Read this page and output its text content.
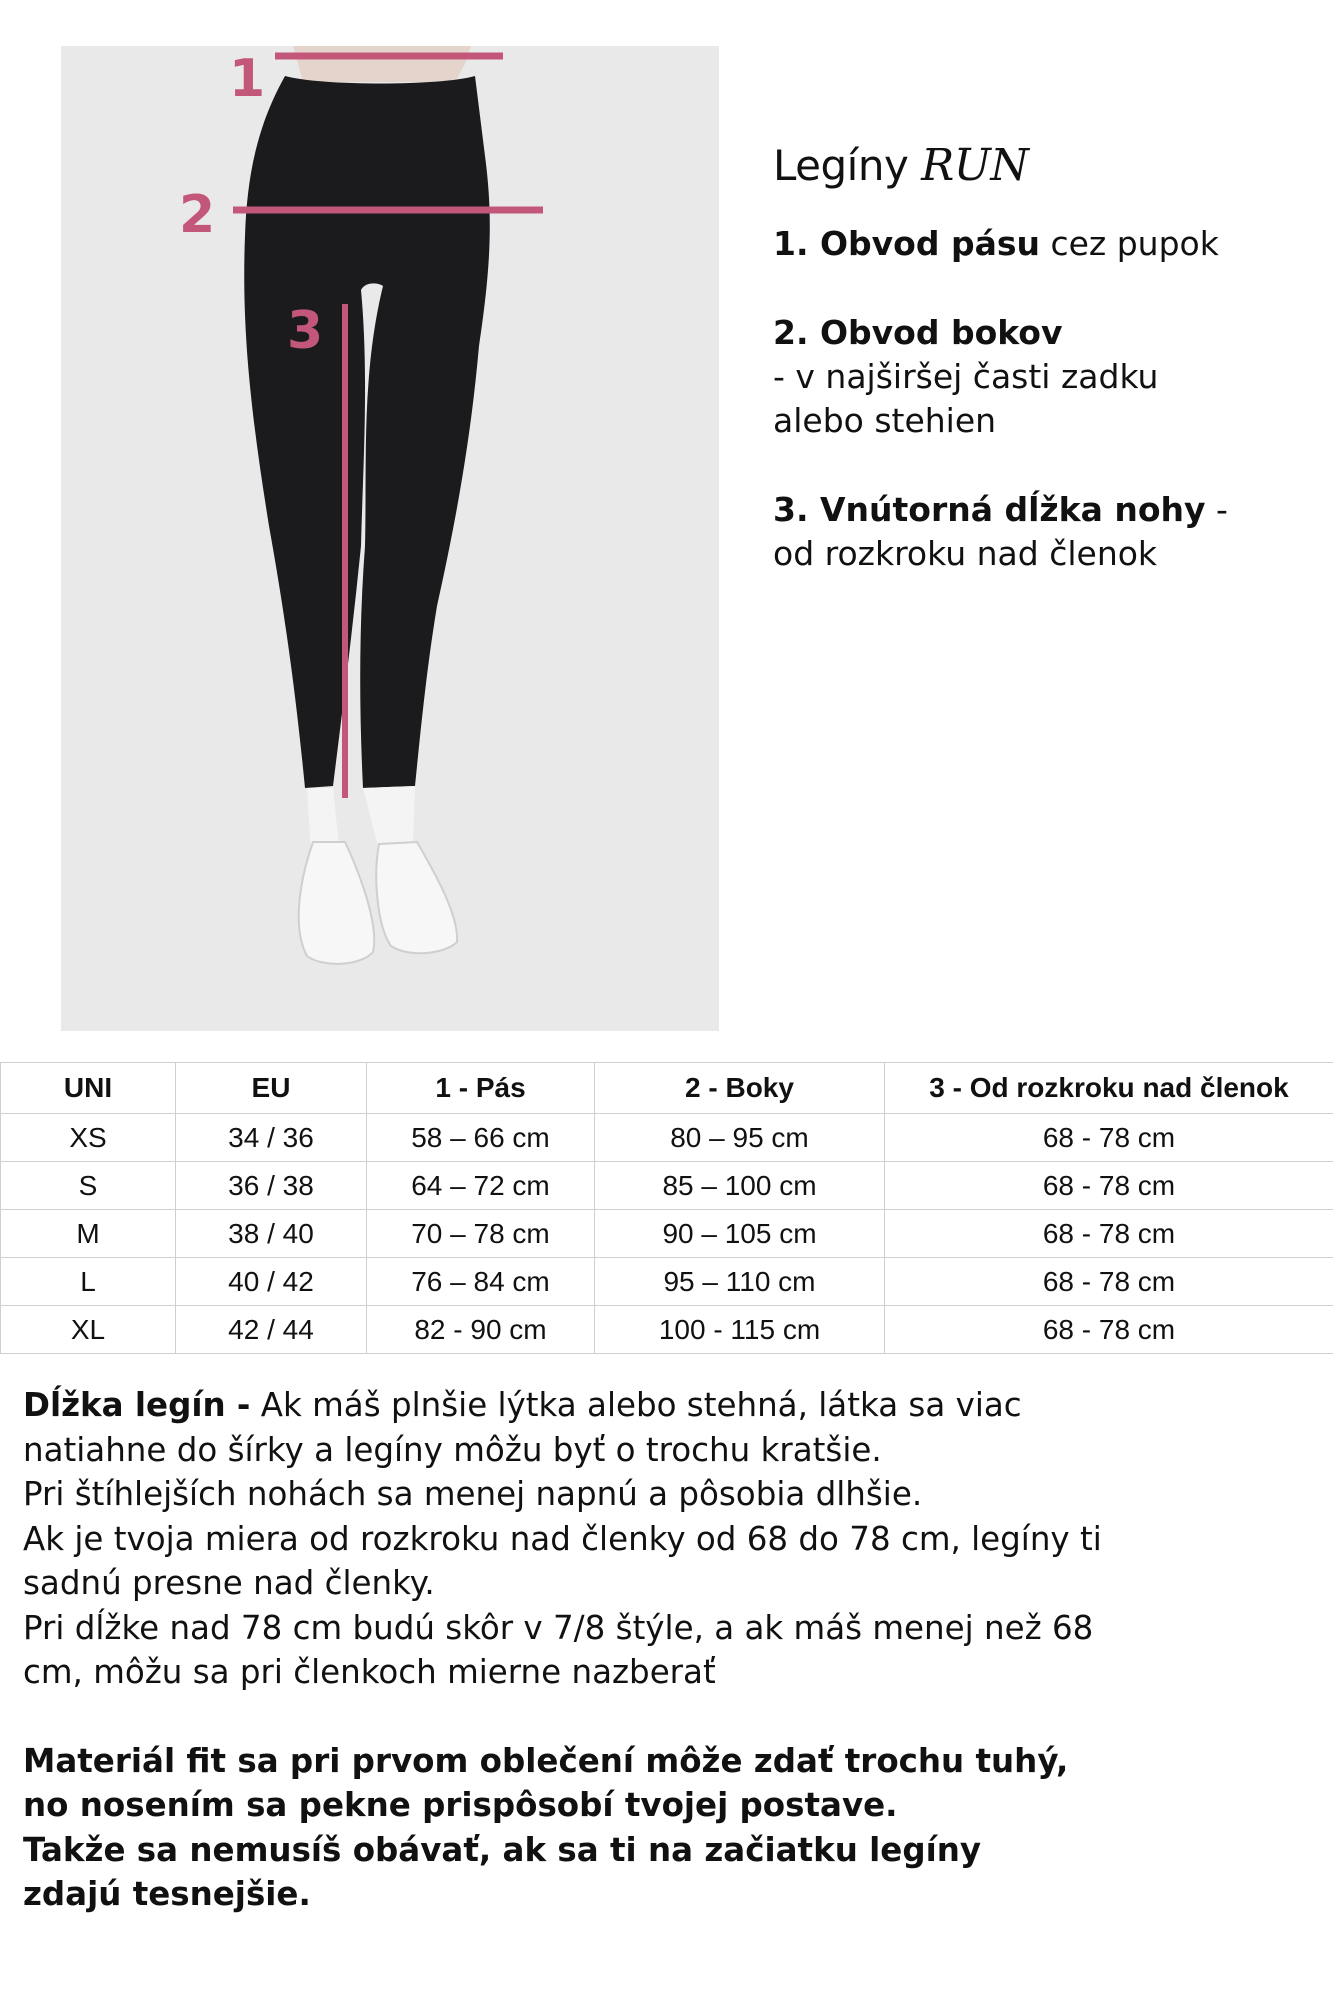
1
2
3
Legíny RUN

1. Obvod pásu cez pupok

2. Obvod bokov
- v najširšej časti zadku
alebo stehien

3. Vnútorná dĺžka nohy -
od rozkroku nad členok

UNI	EU	1 - Pás	2 - Boky	3 - Od rozkroku nad členok
XS	34 / 36	58 – 66 cm	80 – 95 cm	68 - 78 cm
S	36 / 38	64 – 72 cm	85 – 100 cm	68 - 78 cm
M	38 / 40	70 – 78 cm	90 – 105 cm	68 - 78 cm
L	40 / 42	76 – 84 cm	95 – 110 cm	68 - 78 cm
XL	42 / 44	82 - 90 cm	100 - 115 cm	68 - 78 cm

Dĺžka legín - Ak máš plnšie lýtka alebo stehná, látka sa viac
natiahne do šírky a legíny môžu byť o trochu kratšie.
Pri štíhlejších nohách sa menej napnú a pôsobia dlhšie.
Ak je tvoja miera od rozkroku nad členky od 68 do 78 cm, legíny ti
sadnú presne nad členky.
Pri dĺžke nad 78 cm budú skôr v 7/8 štýle, a ak máš menej než 68
cm, môžu sa pri členkoch mierne nazberať

Materiál fit sa pri prvom oblečení môže zdať trochu tuhý,
no nosením sa pekne prispôsobí tvojej postave.
Takže sa nemusíš obávať, ak sa ti na začiatku legíny
zdajú tesnejšie.
